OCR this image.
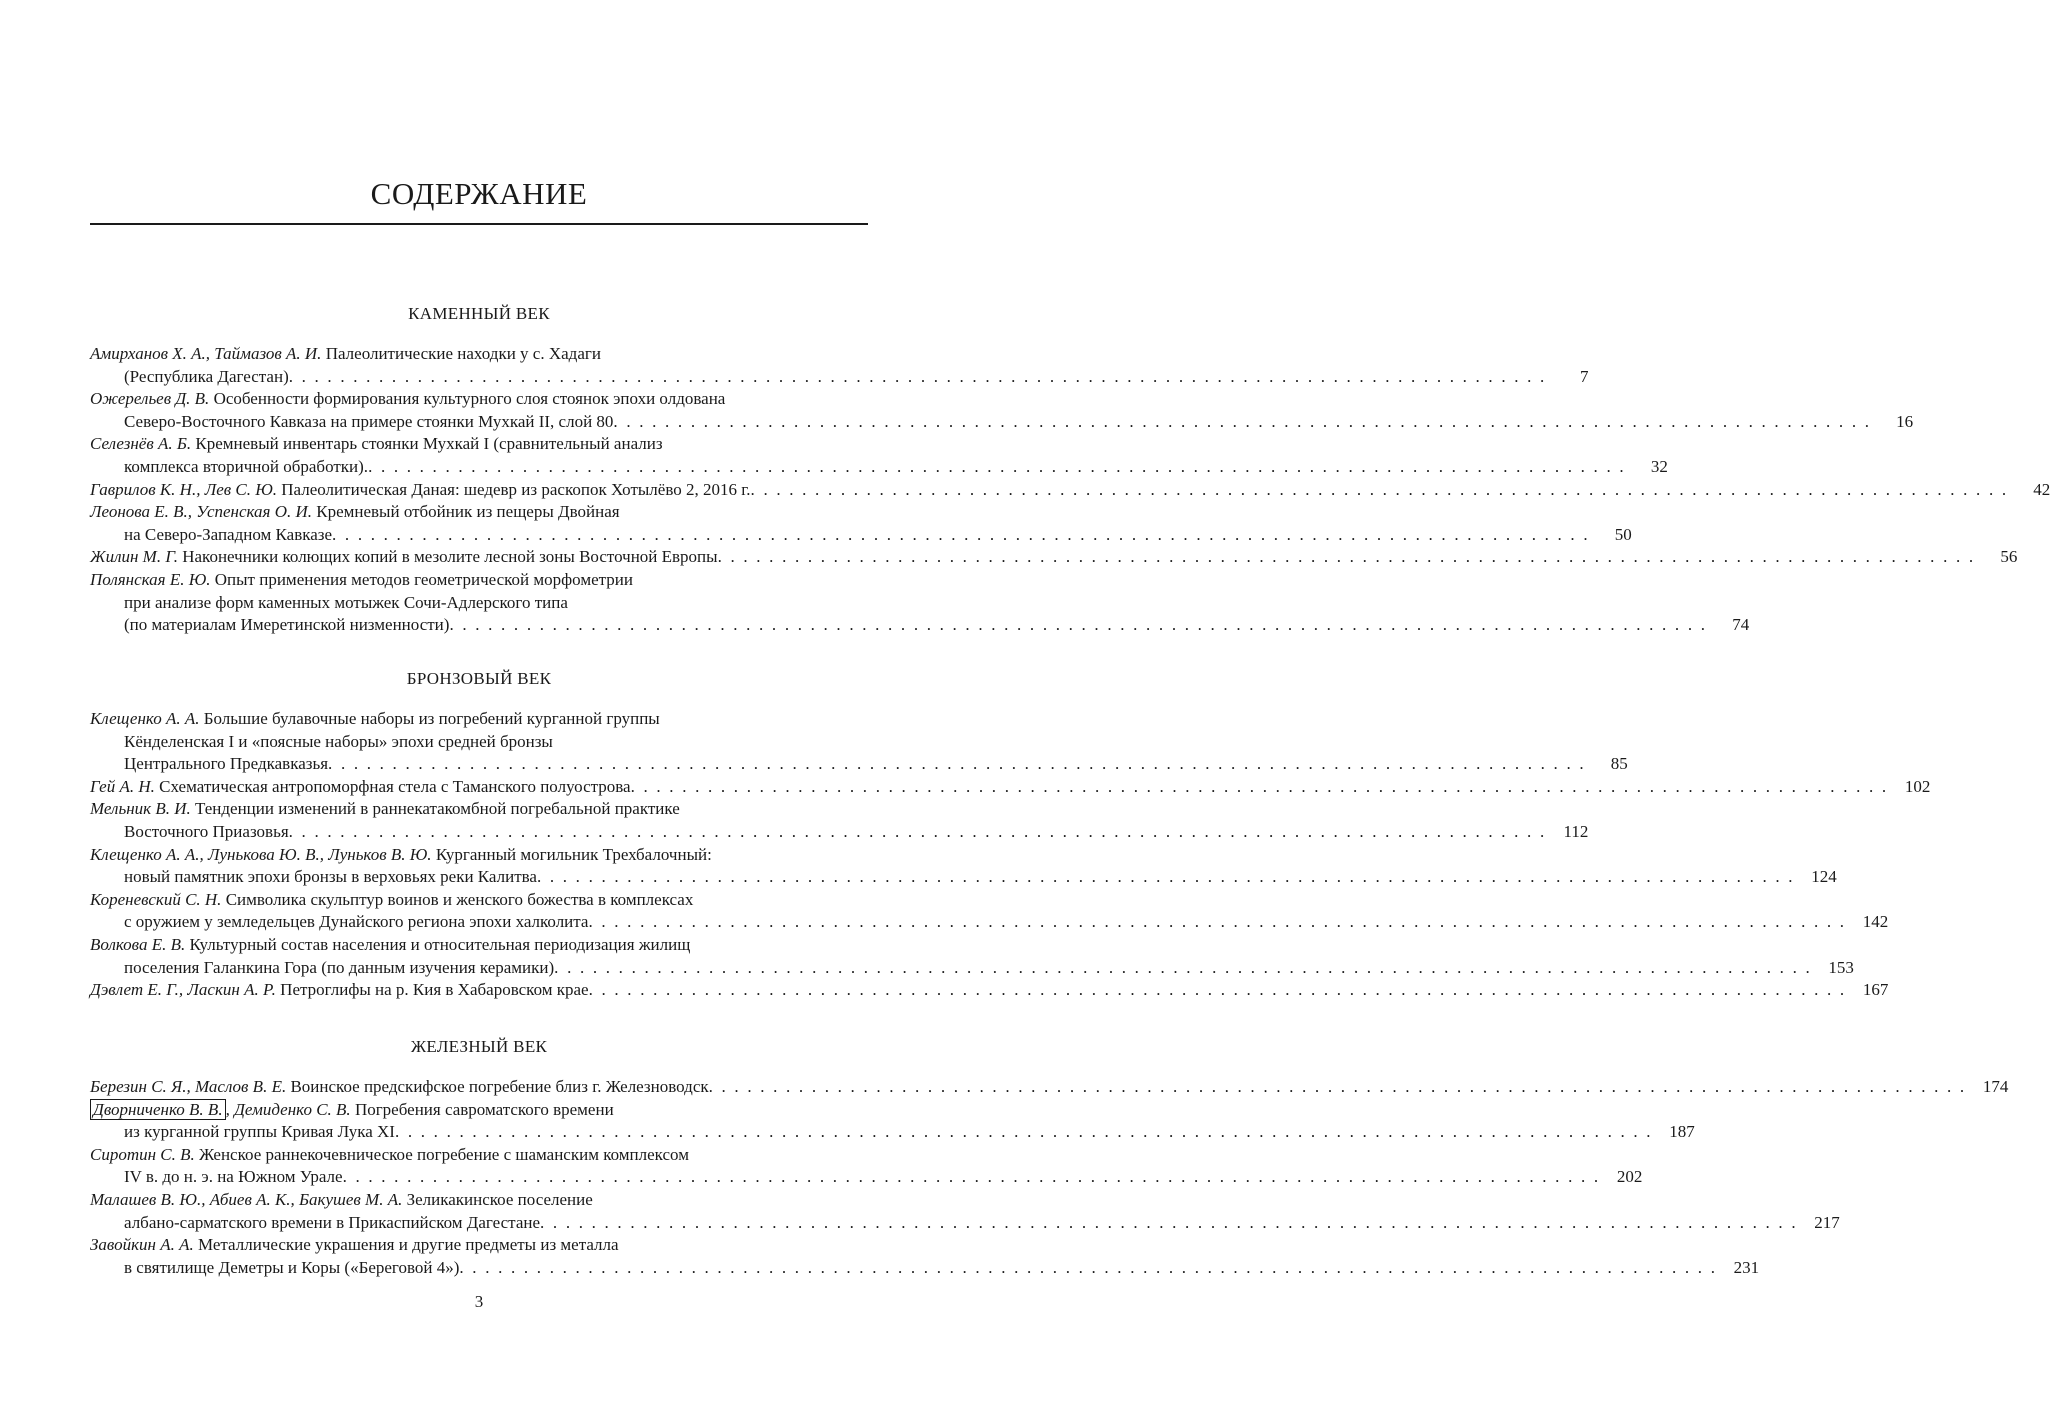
СОДЕРЖАНИЕ
КАМЕННЫЙ ВЕК
Амирханов Х. А., Таймазов А. И. Палеолитические находки у с. Хадаги
(Республика Дагестан) . . . . . . . . . . . . . . . . . . . . . . . . . . . . . . . . . . . . . . . . . . . . . . . . . . . . . . . . . . . . . . . . . . . . . . . . . . . . . . . . . . . . . . . . . . . . . . . . . .	7
Ожерельев Д. В. Особенности формирования культурного слоя стоянок эпохи олдована
Северо-Восточного Кавказа на примере стоянки Мухкай II, слой 80 . . . . . . . . . . . . . . . . . . . . . . . . . . . . . . . . . . . . . . . . . . . . . . . . . . . . . . . . . . . . . . . . . . . . . . . . . . . . . . . . . . . . . . . . . . . . . . . . . .	16
Селезнёв А. Б. Кремневый инвентарь стоянки Мухкай I (сравнительный анализ
комплекса вторичной обработки). . . . . . . . . . . . . . . . . . . . . . . . . . . . . . . . . . . . . . . . . . . . . . . . . . . . . . . . . . . . . . . . . . . . . . . . . . . . . . . . . . . . . . . . . . . . . . . . . . .	32
Гаврилов К. Н., Лев С. Ю. Палеолитическая Даная: шедевр из раскопок Хотылёво 2, 2016 г. . . . . . . . . . . . . . . . . . . . . . . . . . . . . . . . . . . . . . . . . . . . . . . . . . . . . . . . . . . . . . . . . . . . . . . . . . . . . . . . . . . . . . . . . . . . . . . . . . .	42
Леонова Е. В., Успенская О. И. Кремневый отбойник из пещеры Двойная
на Северо-Западном Кавказе . . . . . . . . . . . . . . . . . . . . . . . . . . . . . . . . . . . . . . . . . . . . . . . . . . . . . . . . . . . . . . . . . . . . . . . . . . . . . . . . . . . . . . . . . . . . . . . . . .	50
Жилин М. Г. Наконечники колющих копий в мезолите лесной зоны Восточной Европы . . . . . . . . . . . . . . . . . . . . . . . . . . . . . . . . . . . . . . . . . . . . . . . . . . . . . . . . . . . . . . . . . . . . . . . . . . . . . . . . . . . . . . . . . . . . . . . . . .	56
Полянская Е. Ю. Опыт применения методов геометрической морфометрии
при анализе форм каменных мотыжек Сочи-Адлерского типа
(по материалам Имеретинской низменности) . . . . . . . . . . . . . . . . . . . . . . . . . . . . . . . . . . . . . . . . . . . . . . . . . . . . . . . . . . . . . . . . . . . . . . . . . . . . . . . . . . . . . . . . . . . . . . . . . .	74
БРОНЗОВЫЙ ВЕК
Клещенко А. А. Большие булавочные наборы из погребений курганной группы
Кёнделенская I и «поясные наборы» эпохи средней бронзы
Центрального Предкавказья . . . . . . . . . . . . . . . . . . . . . . . . . . . . . . . . . . . . . . . . . . . . . . . . . . . . . . . . . . . . . . . . . . . . . . . . . . . . . . . . . . . . . . . . . . . . . . . . . .	85
Гей А. Н. Схематическая антропоморфная стела с Таманского полуострова . . . . . . . . . . . . . . . . . . . . . . . . . . . . . . . . . . . . . . . . . . . . . . . . . . . . . . . . . . . . . . . . . . . . . . . . . . . . . . . . . . . . . . . . . . . . . . . . . . 102
Мельник В. И. Тенденции изменений в раннекатакомбной погребальной практике
Восточного Приазовья . . . . . . . . . . . . . . . . . . . . . . . . . . . . . . . . . . . . . . . . . . . . . . . . . . . . . . . . . . . . . . . . . . . . . . . . . . . . . . . . . . . . . . . . . . . . . . . . . .	112
Клещенко А. А., Лунькова Ю. В., Луньков В. Ю. Курганный могильник Трехбалочный:
новый памятник эпохи бронзы в верховьях реки Калитва . . . . . . . . . . . . . . . . . . . . . . . . . . . . . . . . . . . . . . . . . . . . . . . . . . . . . . . . . . . . . . . . . . . . . . . . . . . . . . . . . . . . . . . . . . . . . . . . . . 124
Кореневский С. Н. Символика скульптур воинов и женского божества в комплексах
с оружием у земледельцев Дунайского региона эпохи халколита . . . . . . . . . . . . . . . . . . . . . . . . . . . . . . . . . . . . . . . . . . . . . . . . . . . . . . . . . . . . . . . . . . . . . . . . . . . . . . . . . . . . . . . . . . . . . . . . . . 142
Волкова Е. В. Культурный состав населения и относительная периодизация жилищ
поселения Галанкина Гора (по данным изучения керамики) . . . . . . . . . . . . . . . . . . . . . . . . . . . . . . . . . . . . . . . . . . . . . . . . . . . . . . . . . . . . . . . . . . . . . . . . . . . . . . . . . . . . . . . . . . . . . . . . . . 153
Дэвлет Е. Г., Ласкин А. Р. Петроглифы на р. Кия в Хабаровском крае . . . . . . . . . . . . . . . . . . . . . . . . . . . . . . . . . . . . . . . . . . . . . . . . . . . . . . . . . . . . . . . . . . . . . . . . . . . . . . . . . . . . . . . . . . . . . . . . . . 167
ЖЕЛЕЗНЫЙ ВЕК
Березин С. Я., Маслов В. Е. Воинское предскифское погребение близ г. Железноводск . . . . . . . . . . . . . . . . . . . . . . . . . . . . . . . . . . . . . . . . . . . . . . . . . . . . . . . . . . . . . . . . . . . . . . . . . . . . . . . . . . . . . . . . . . . . . . . . . . 174
Дворниченко В. В. , Демиденко С. В. Погребения савроматского времени
из курганной группы Кривая Лука XI . . . . . . . . . . . . . . . . . . . . . . . . . . . . . . . . . . . . . . . . . . . . . . . . . . . . . . . . . . . . . . . . . . . . . . . . . . . . . . . . . . . . . . . . . . . . . . . . . . 187
Сиротин С. В. Женское раннекочевническое погребение с шаманским комплексом
IV в. до н. э. на Южном Урале . . . . . . . . . . . . . . . . . . . . . . . . . . . . . . . . . . . . . . . . . . . . . . . . . . . . . . . . . . . . . . . . . . . . . . . . . . . . . . . . . . . . . . . . . . . . . . . . . . 202
Малашев В. Ю., Абиев А. К., Бакушев М. А. Зеликакинское поселение
албано-сарматского времени в Прикаспийском Дагестане . . . . . . . . . . . . . . . . . . . . . . . . . . . . . . . . . . . . . . . . . . . . . . . . . . . . . . . . . . . . . . . . . . . . . . . . . . . . . . . . . . . . . . . . . . . . . . . . . . 217
Завойкин А. А. Металлические украшения и другие предметы из металла
в святилище Деметры и Коры («Береговой 4») . . . . . . . . . . . . . . . . . . . . . . . . . . . . . . . . . . . . . . . . . . . . . . . . . . . . . . . . . . . . . . . . . . . . . . . . . . . . . . . . . . . . . . . . . . . . . . . . . . 231
3
